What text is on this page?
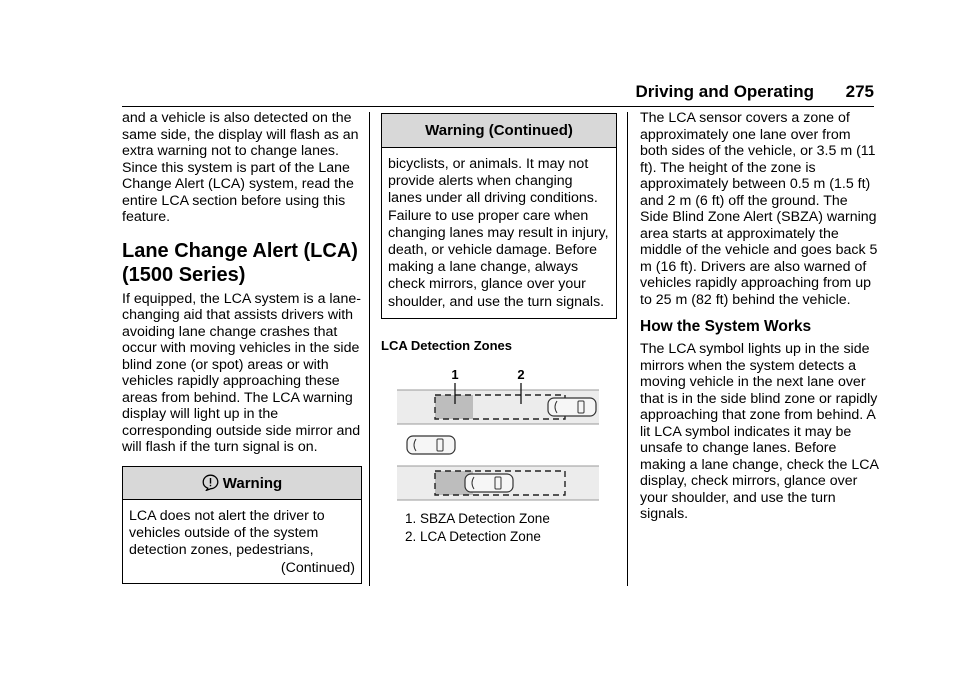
Driving and Operating 275

and a vehicle is also detected on the same side, the display will flash as an extra warning not to change lanes. Since this system is part of the Lane Change Alert (LCA) system, read the entire LCA section before using this feature.

Lane Change Alert (LCA)
(1500 Series)

If equipped, the LCA system is a lane-changing aid that assists drivers with avoiding lane change crashes that occur with moving vehicles in the side blind zone (or spot) areas or with vehicles rapidly approaching these areas from behind. The LCA warning display will light up in the corresponding outside side mirror and will flash if the turn signal is on.

Warning

LCA does not alert the driver to vehicles outside of the system detection zones, pedestrians,

(Continued)

Warning (Continued)

bicyclists, or animals. It may not provide alerts when changing lanes under all driving conditions. Failure to use proper care when changing lanes may result in injury, death, or vehicle damage. Before making a lane change, always check mirrors, glance over your shoulder, and use the turn signals.

LCA Detection Zones

1	2
1. SBZA Detection Zone
2. LCA Detection Zone

The LCA sensor covers a zone of approximately one lane over from both sides of the vehicle, or 3.5 m (11 ft). The height of the zone is approximately between 0.5 m (1.5 ft) and 2 m (6 ft) off the ground. The Side Blind Zone Alert (SBZA) warning area starts at approximately the middle of the vehicle and goes back 5 m (16 ft). Drivers are also warned of vehicles rapidly approaching from up to 25 m (82 ft) behind the vehicle.

How the System Works

The LCA symbol lights up in the side mirrors when the system detects a moving vehicle in the next lane over that is in the side blind zone or rapidly approaching that zone from behind. A lit LCA symbol indicates it may be unsafe to change lanes. Before making a lane change, check the LCA display, check mirrors, glance over your shoulder, and use the turn signals.
